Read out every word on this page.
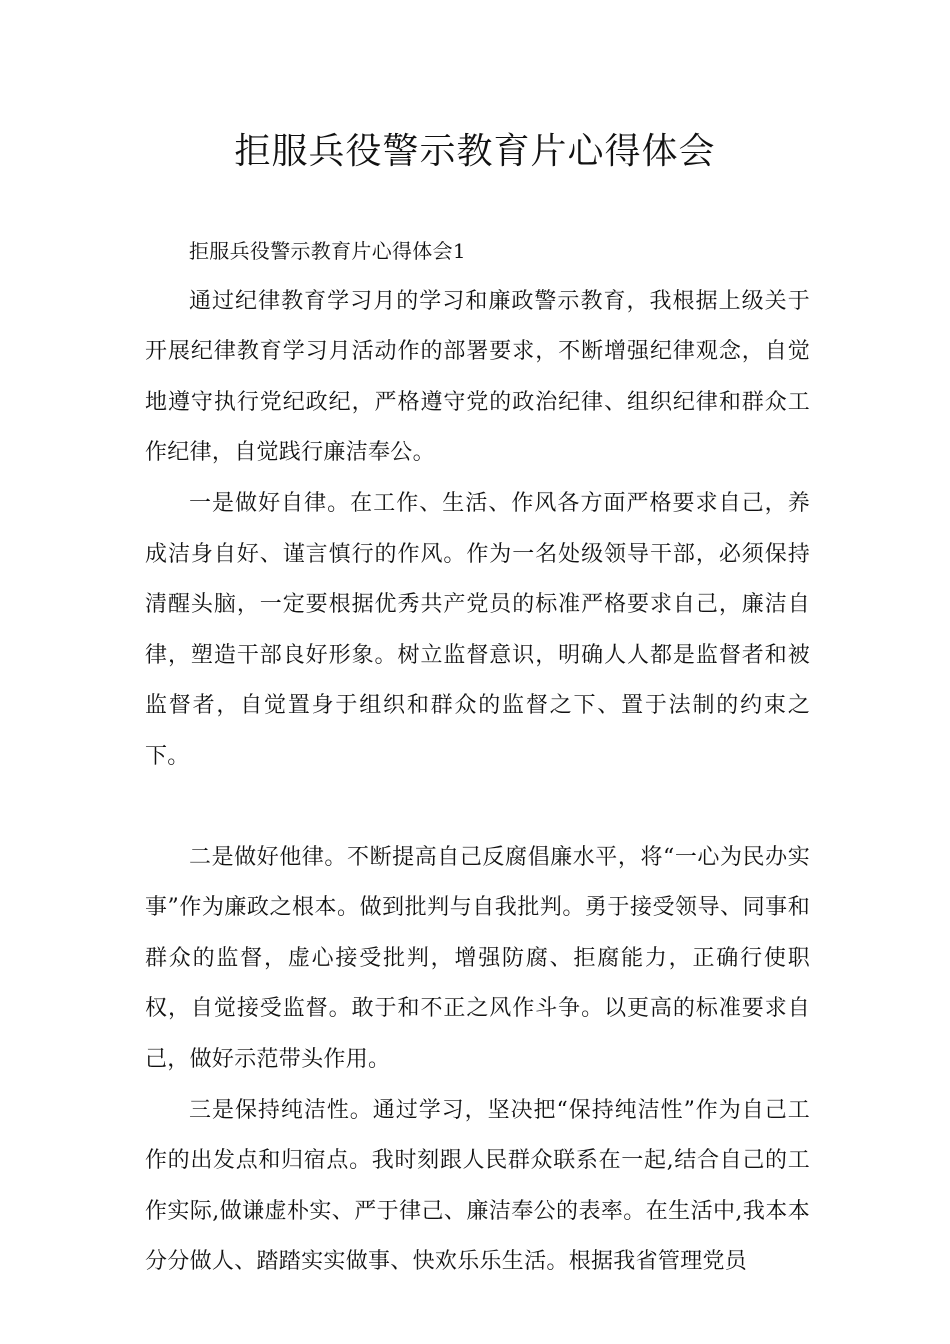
拒服兵役警示教育片心得体会

拒服兵役警示教育片心得体会1

通过纪律教育学习月的学习和廉政警示教育，我根据上级关于开展纪律教育学习月活动作的部署要求，不断增强纪律观念，自觉地遵守执行党纪政纪，严格遵守党的政治纪律、组织纪律和群众工作纪律，自觉践行廉洁奉公。

一是做好自律。在工作、生活、作风各方面严格要求自己，养成洁身自好、谨言慎行的作风。作为一名处级领导干部，必须保持清醒头脑，一定要根据优秀共产党员的标准严格要求自己，廉洁自律，塑造干部良好形象。树立监督意识，明确人人都是监督者和被监督者，自觉置身于组织和群众的监督之下、置于法制的约束之下。

二是做好他律。不断提高自己反腐倡廉水平，将“一心为民办实事”作为廉政之根本。做到批判与自我批判。勇于接受领导、同事和群众的监督，虚心接受批判，增强防腐、拒腐能力，正确行使职权，自觉接受监督。敢于和不正之风作斗争。以更高的标准要求自己，做好示范带头作用。

三是保持纯洁性。通过学习，坚决把“保持纯洁性”作为自己工作的出发点和归宿点。我时刻跟人民群众联系在一起,结合自己的工作实际,做谦虚朴实、严于律己、廉洁奉公的表率。在生活中,我本本分分做人、踏踏实实做事、快欢乐乐生活。根据我省管理党员
